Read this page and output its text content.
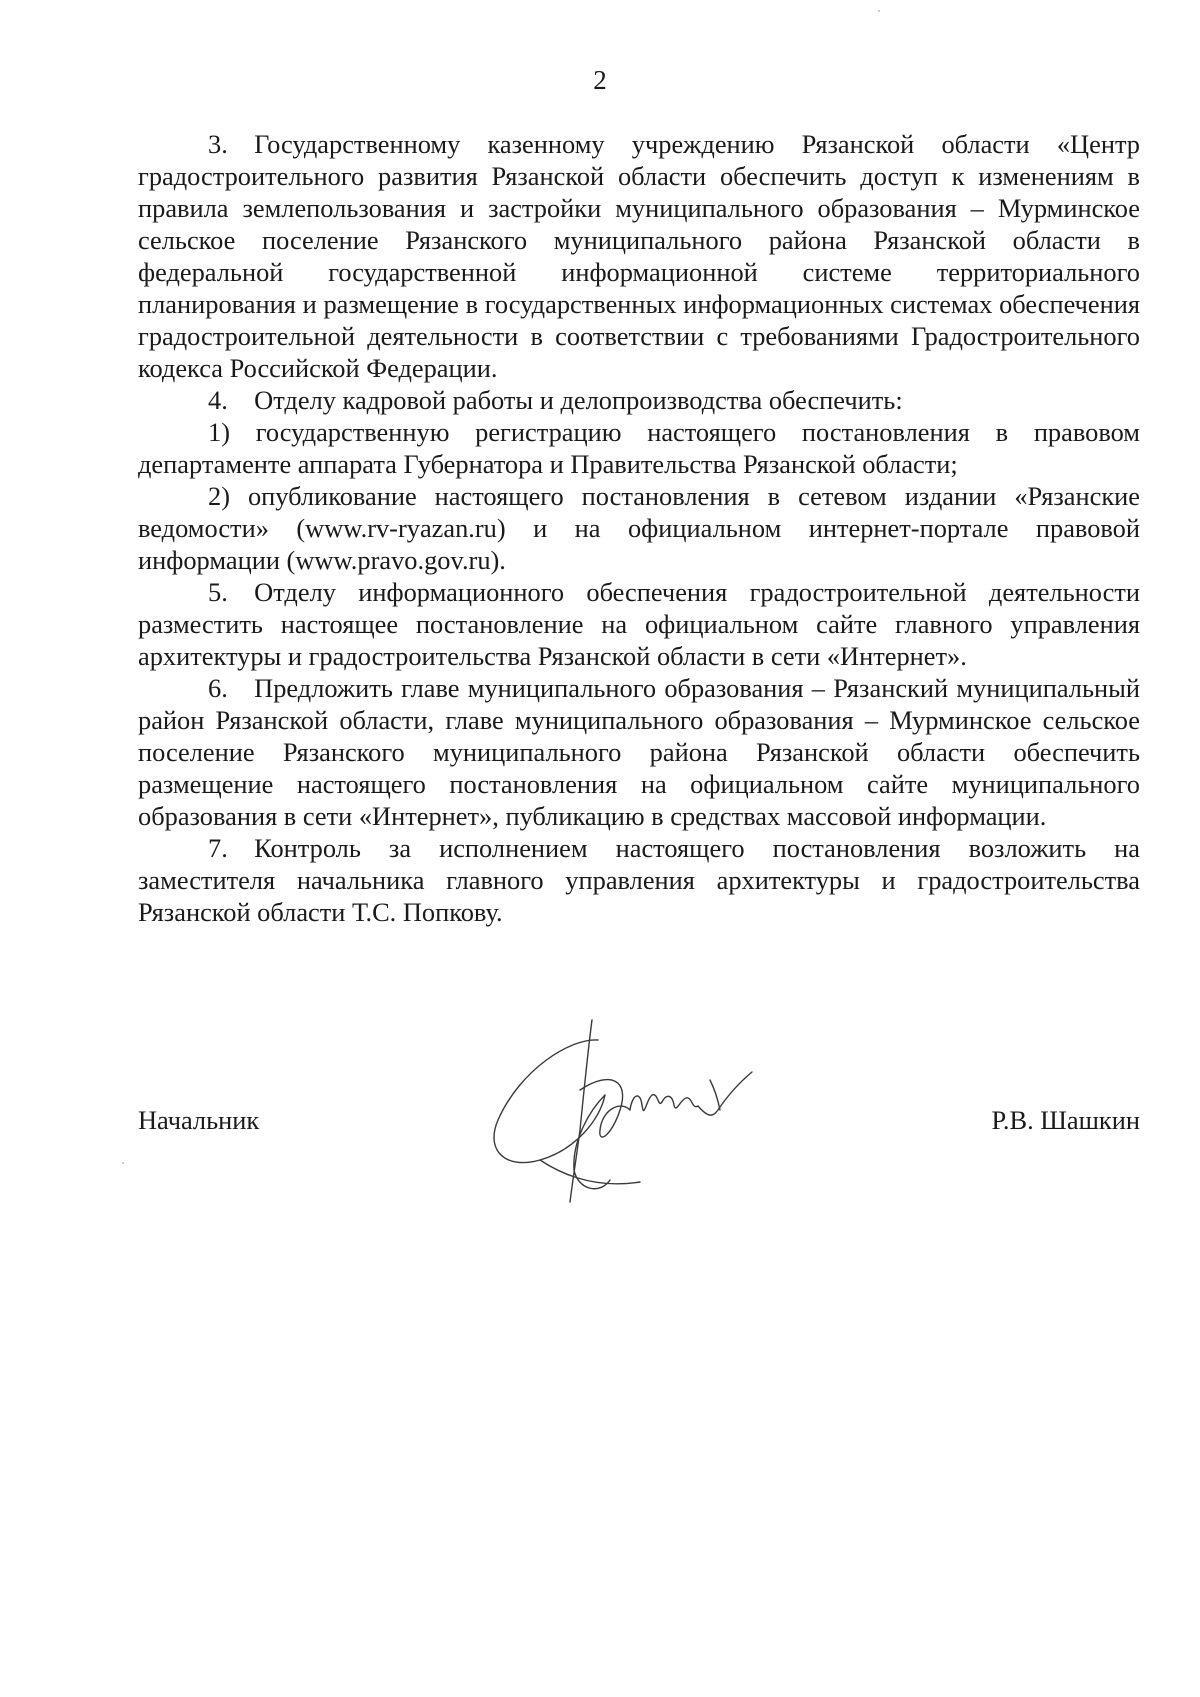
2

3. Государственному казенному учреждению Рязанской области «Центр градостроительного развития Рязанской области обеспечить доступ к изменениям в правила землепользования и застройки муниципального образования – Мурминское сельское поселение Рязанского муниципального района Рязанской области в федеральной государственной информационной системе территориального планирования и размещение в государственных информационных системах обеспечения градостроительной деятельности в соответствии с требованиями Градостроительного кодекса Российской Федерации.

4. Отделу кадровой работы и делопроизводства обеспечить:

1) государственную регистрацию настоящего постановления в правовом департаменте аппарата Губернатора и Правительства Рязанской области;

2) опубликование настоящего постановления в сетевом издании «Рязанские ведомости» (www.rv-ryazan.ru) и на официальном интернет-портале правовой информации (www.pravo.gov.ru).

5. Отделу информационного обеспечения градостроительной деятельности разместить настоящее постановление на официальном сайте главного управления архитектуры и градостроительства Рязанской области в сети «Интернет».

6. Предложить главе муниципального образования – Рязанский муниципальный район Рязанской области, главе муниципального образования – Мурминское сельское поселение Рязанского муниципального района Рязанской области обеспечить размещение настоящего постановления на официальном сайте муниципального образования в сети «Интернет», публикацию в средствах массовой информации.

7. Контроль за исполнением настоящего постановления возложить на заместителя начальника главного управления архитектуры и градостроительства Рязанской области Т.С. Попкову.

Начальник	Р.В. Шашкин
